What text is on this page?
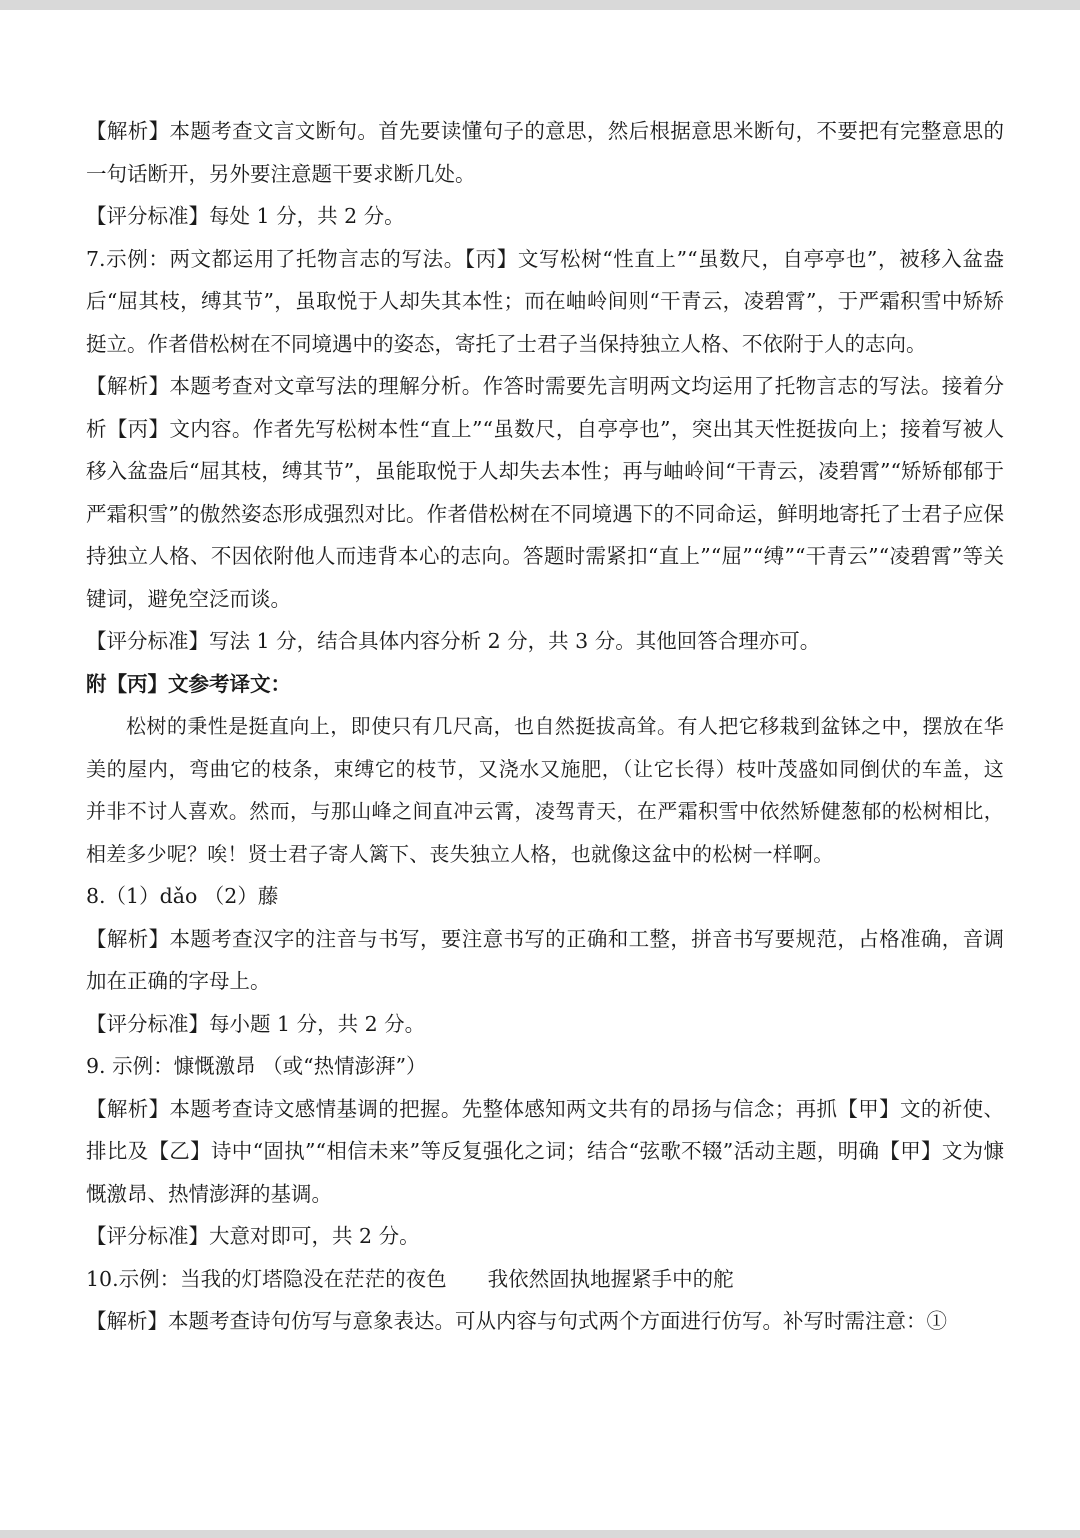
【解析】本题考查文言文断句。首先要读懂句子的意思，然后根据意思米断句，不要把有完整意思的一句话断开，另外要注意题干要求断几处。

【评分标准】每处 1 分，共 2 分。

7.示例：两文都运用了托物言志的写法。【丙】文写松树“性直上”“虽数尺，自亭亭也”，被移入盆盎后“屈其枝，缚其节”，虽取悦于人却失其本性；而在岫岭间则“干青云，凌碧霄”，于严霜积雪中矫矫挺立。作者借松树在不同境遇中的姿态，寄托了士君子当保持独立人格、不依附于人的志向。

【解析】本题考查对文章写法的理解分析。作答时需要先言明两文均运用了托物言志的写法。接着分析【丙】文内容。作者先写松树本性“直上”“虽数尺，自亭亭也”，突出其天性挺拔向上；接着写被人移入盆盎后“屈其枝，缚其节”，虽能取悦于人却失去本性；再与岫岭间“干青云，凌碧霄”“矫矫郁郁于严霜积雪”的傲然姿态形成强烈对比。作者借松树在不同境遇下的不同命运，鲜明地寄托了士君子应保持独立人格、不因依附他人而违背本心的志向。答题时需紧扣“直上”“屈”“缚”“干青云”“凌碧霄”等关键词，避免空泛而谈。

【评分标准】写法 1 分，结合具体内容分析 2 分，共 3 分。其他回答合理亦可。

附【丙】文参考译文：

松树的秉性是挺直向上，即使只有几尺高，也自然挺拔高耸。有人把它移栽到盆钵之中，摆放在华美的屋内，弯曲它的枝条，束缚它的枝节，又浇水又施肥，（让它长得）枝叶茂盛如同倒伏的车盖，这并非不讨人喜欢。然而，与那山峰之间直冲云霄，凌驾青天，在严霜积雪中依然矫健葱郁的松树相比，相差多少呢？唉！贤士君子寄人篱下、丧失独立人格，也就像这盆中的松树一样啊。

8.（1）dǎo （2）藤

【解析】本题考查汉字的注音与书写，要注意书写的正确和工整，拼音书写要规范，占格准确，音调加在正确的字母上。

【评分标准】每小题 1 分，共 2 分。

9. 示例：慷慨激昂 （或“热情澎湃”）

【解析】本题考查诗文感情基调的把握。先整体感知两文共有的昂扬与信念；再抓【甲】文的祈使、排比及【乙】诗中“固执”“相信未来”等反复强化之词；结合“弦歌不辍”活动主题，明确【甲】文为慷慨激昂、热情澎湃的基调。

【评分标准】大意对即可，共 2 分。

10.示例：当我的灯塔隐没在茫茫的夜色　　我依然固执地握紧手中的舵

【解析】本题考查诗句仿写与意象表达。可从内容与句式两个方面进行仿写。补写时需注意：①
